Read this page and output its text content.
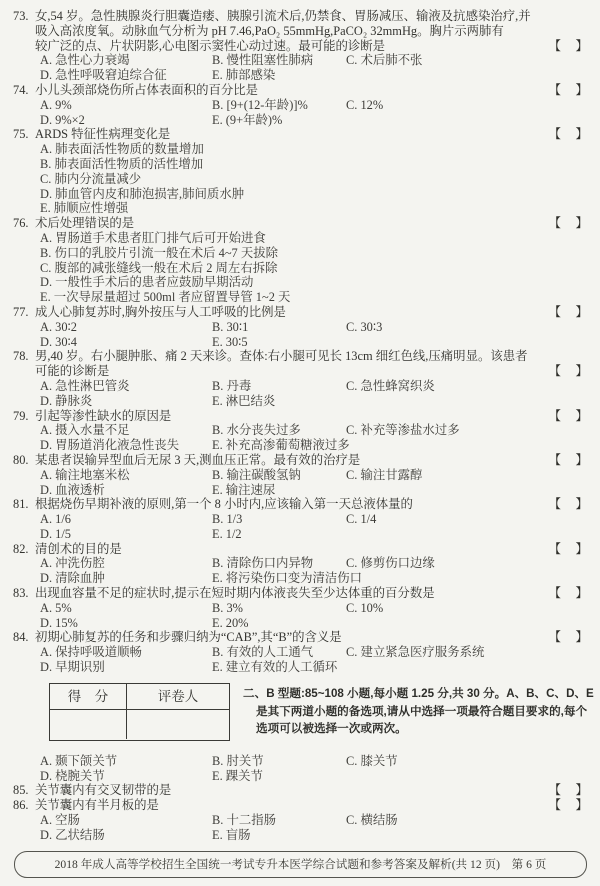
73. 女,54 岁。急性胰腺炎行胆囊造瘘、胰腺引流术后,仍禁食、胃肠减压、输液及抗感染治疗,并
吸入高浓度氧。动脉血气分析为 pH 7.46,PaO₂ 55mmHg,PaCO₂ 32mmHg。胸片示两肺有
较广泛的点、片状阴影,心电图示窦性心动过速。最可能的诊断是	【　】
A. 急性心力衰竭	B. 慢性阻塞性肺病	C. 术后肺不张
D. 急性呼吸窘迫综合征	E. 肺部感染
74. 小儿头颈部烧伤所占体表面积的百分比是	【　】
A. 9%	B. [9+(12-年龄)]%	C. 12%
D. 9%×2	E. (9+年龄)%
75. ARDS 特征性病理变化是	【　】
A. 肺表面活性物质的数量增加
B. 肺表面活性物质的活性增加
C. 肺内分流量减少
D. 肺血管内皮和肺泡损害,肺间质水肿
E. 肺顺应性增强
76. 术后处理错误的是	【　】
A. 胃肠道手术患者肛门排气后可开始进食
B. 伤口的乳胶片引流一般在术后 4~7 天拔除
C. 腹部的减张缝线一般在术后 2 周左右拆除
D. 一般性手术后的患者应鼓励早期活动
E. 一次导尿量超过 500ml 者应留置导管 1~2 天
77. 成人心肺复苏时,胸外按压与人工呼吸的比例是	【　】
A. 30∶2	B. 30∶1	C. 30∶3
D. 30∶4	E. 30∶5
78. 男,40 岁。右小腿肿胀、痛 2 天来诊。查体:右小腿可见长 13cm 细红色线,压痛明显。该患者
可能的诊断是	【　】
A. 急性淋巴管炎	B. 丹毒	C. 急性蜂窝织炎
D. 静脉炎	E. 淋巴结炎
79. 引起等渗性缺水的原因是	【　】
A. 摄入水量不足	B. 水分丧失过多	C. 补充等渗盐水过多
D. 胃肠道消化液急性丧失	E. 补充高渗葡萄糖液过多
80. 某患者误输异型血后无尿 3 天,测血压正常。最有效的治疗是	【　】
A. 输注地塞米松	B. 输注碳酸氢钠	C. 输注甘露醇
D. 血液透析	E. 输注速尿
81. 根据烧伤早期补液的原则,第一个 8 小时内,应该输入第一天总液体量的	【　】
A. 1/6	B. 1/3	C. 1/4
D. 1/5	E. 1/2
82. 清创术的目的是	【　】
A. 冲洗伤腔	B. 清除伤口内异物	C. 修剪伤口边缘
D. 清除血肿	E. 将污染伤口变为清洁伤口
83. 出现血容量不足的症状时,提示在短时期内体液丧失至少达体重的百分数是	【　】
A. 5%	B. 3%	C. 10%
D. 15%	E. 20%
84. 初期心肺复苏的任务和步骤归纳为“CAB”,其“B”的含义是	【　】
A. 保持呼吸道顺畅	B. 有效的人工通气	C. 建立紧急医疗服务系统
D. 早期识别	E. 建立有效的人工循环
得　分	评卷人	二、B 型题:85~108 小题,每小题 1.25 分,共 30 分。A、B、C、D、E 是其下两道小题的备选项,请从中选择一项最符合题目要求的,每个选项可以被选择一次或两次。
A. 颞下颌关节	B. 肘关节	C. 膝关节
D. 桡腕关节	E. 踝关节
85. 关节囊内有交叉韧带的是	【　】
86. 关节囊内有半月板的是	【　】
A. 空肠	B. 十二指肠	C. 横结肠
D. 乙状结肠	E. 盲肠
2018 年成人高等学校招生全国统一考试专升本医学综合试题和参考答案及解析(共 12 页)　第 6 页
